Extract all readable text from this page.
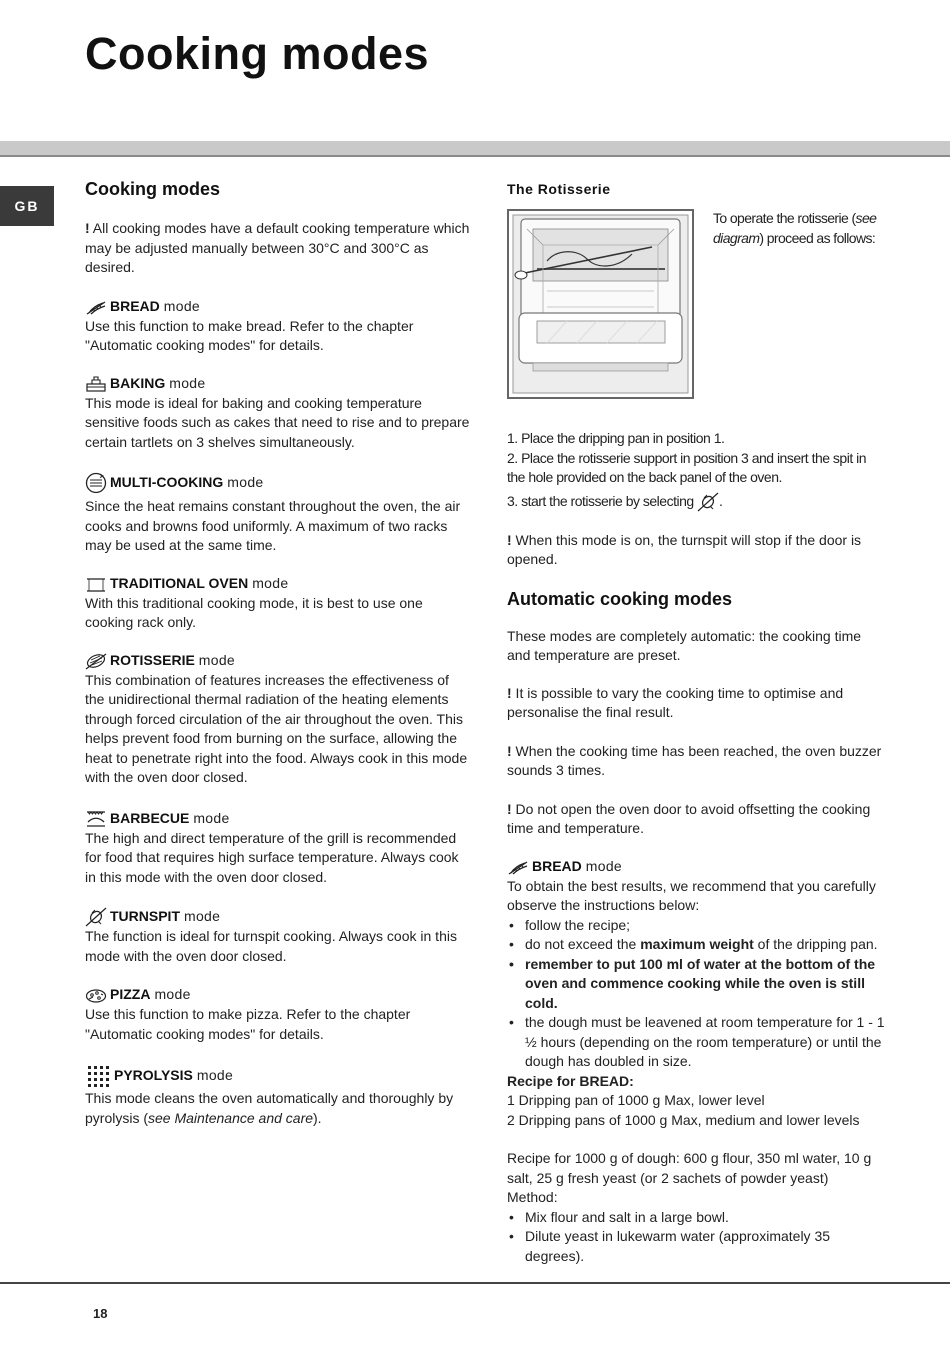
Cooking modes
GB
Cooking modes

! All cooking modes have a default cooking temperature which may be adjusted manually between 30°C and 300°C as desired.

BREAD mode

Use this function to make bread. Refer to the chapter "Automatic cooking modes" for details.

BAKING mode

This mode is ideal for baking and cooking temperature sensitive foods such as cakes that need to rise and to prepare certain tartlets on 3 shelves simultaneously.

MULTI-COOKING mode

Since the heat remains constant throughout the oven, the air cooks and browns food uniformly. A maximum of two racks may be used at the same time.

TRADITIONAL OVEN mode

With this traditional cooking mode, it is best to use one cooking rack only.

ROTISSERIE mode

This combination of features increases the effectiveness of the unidirectional thermal radiation of the heating elements through forced circulation of the air throughout the oven. This helps prevent food from burning on the surface, allowing the heat to penetrate right into the food. Always cook in this mode with the oven door closed.

BARBECUE mode

The high and direct temperature of the grill is recommended for food that requires high surface temperature. Always cook in this mode with the oven door closed.

TURNSPIT mode

The function is ideal for turnspit cooking. Always cook in this mode with the oven door closed.

PIZZA mode

Use this function to make pizza. Refer to the chapter "Automatic cooking modes" for details.

PYROLYSIS mode

This mode cleans the oven automatically and thoroughly by pyrolysis (see Maintenance and care).

The Rotisserie

To operate the rotisserie (see diagram) proceed as follows:

1. Place the dripping pan in position 1.

2. Place the rotisserie support in position 3 and insert the spit in the hole provided on the back panel of the oven.

3. start the rotisserie by selecting .

! When this mode is on, the turnspit will stop if the door is opened.

Automatic cooking modes

These modes are completely automatic: the cooking time and temperature are preset.

! It is possible to vary the cooking time to optimise and personalise the final result.

! When the cooking time has been reached, the oven buzzer sounds 3 times.

! Do not open the oven door to avoid offsetting the cooking time and temperature.

BREAD mode

To obtain the best results, we recommend that you carefully observe the instructions below:

• follow the recipe;
• do not exceed the maximum weight of the dripping pan.
• remember to put 100 ml of water at the bottom of the oven and commence cooking while the oven is still cold.
• the dough must be leavened at room temperature for 1 - 1 ½ hours (depending on the room temperature) or until the dough has doubled in size.

Recipe for BREAD:

1 Dripping pan of 1000 g Max, lower level

2 Dripping pans of 1000 g Max, medium and lower levels

Recipe for 1000 g of dough: 600 g flour, 350 ml water, 10 g salt, 25 g fresh yeast (or 2 sachets of powder yeast)

Method:

• Mix flour and salt in a large bowl.
• Dilute yeast in lukewarm water (approximately 35 degrees).
18
